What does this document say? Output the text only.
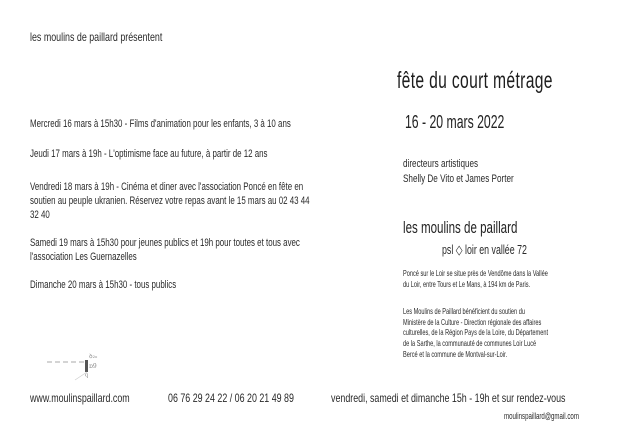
les moulins de paillard présentent
fête du court métrage
16 - 20 mars 2022
directeurs artistiques
Shelly De Vito et James Porter
Mercredi 16 mars à 15h30 - Films d'animation pour les enfants, 3 à 10 ans
Jeudi 17 mars à 19h - L'optimisme face au future, à partir de 12 ans
Vendredi 18 mars à 19h - Cinéma et diner avec l'association Poncé en fête en
soutien au peuple ukranien. Réservez votre repas avant le 15 mars au 02 43 44
32 40
Samedi 19 mars à 15h30 pour jeunes publics et 19h pour toutes et tous avec
l'association Les Guernazelles
Dimanche 20 mars à 15h30 - tous publics
les moulins de paillard
psl ◇ loir en vallée 72
Poncé sur le Loir se situe près de Vendôme dans la Vallée
du Loir, entre Tours et Le Mans, à 194 km de Paris.
Les Moulins de Paillard bénéficient du soutien du
Ministère de la Culture - Direction régionale des affaires
culturelles, de la Région Pays de la Loire, du Département
de la Sarthe, la communauté de communes Loir Lucé
Bercé et la commune de Montval-sur-Loir.
ꝺ₂ₒ
ɒ9
ϥ
www.moulinspaillard.com	06 76 29 24 22 / 06 20 21 49 89	vendredi, samedi et dimanche 15h - 19h et sur rendez-vous
moulinspaillard@gmail.com
